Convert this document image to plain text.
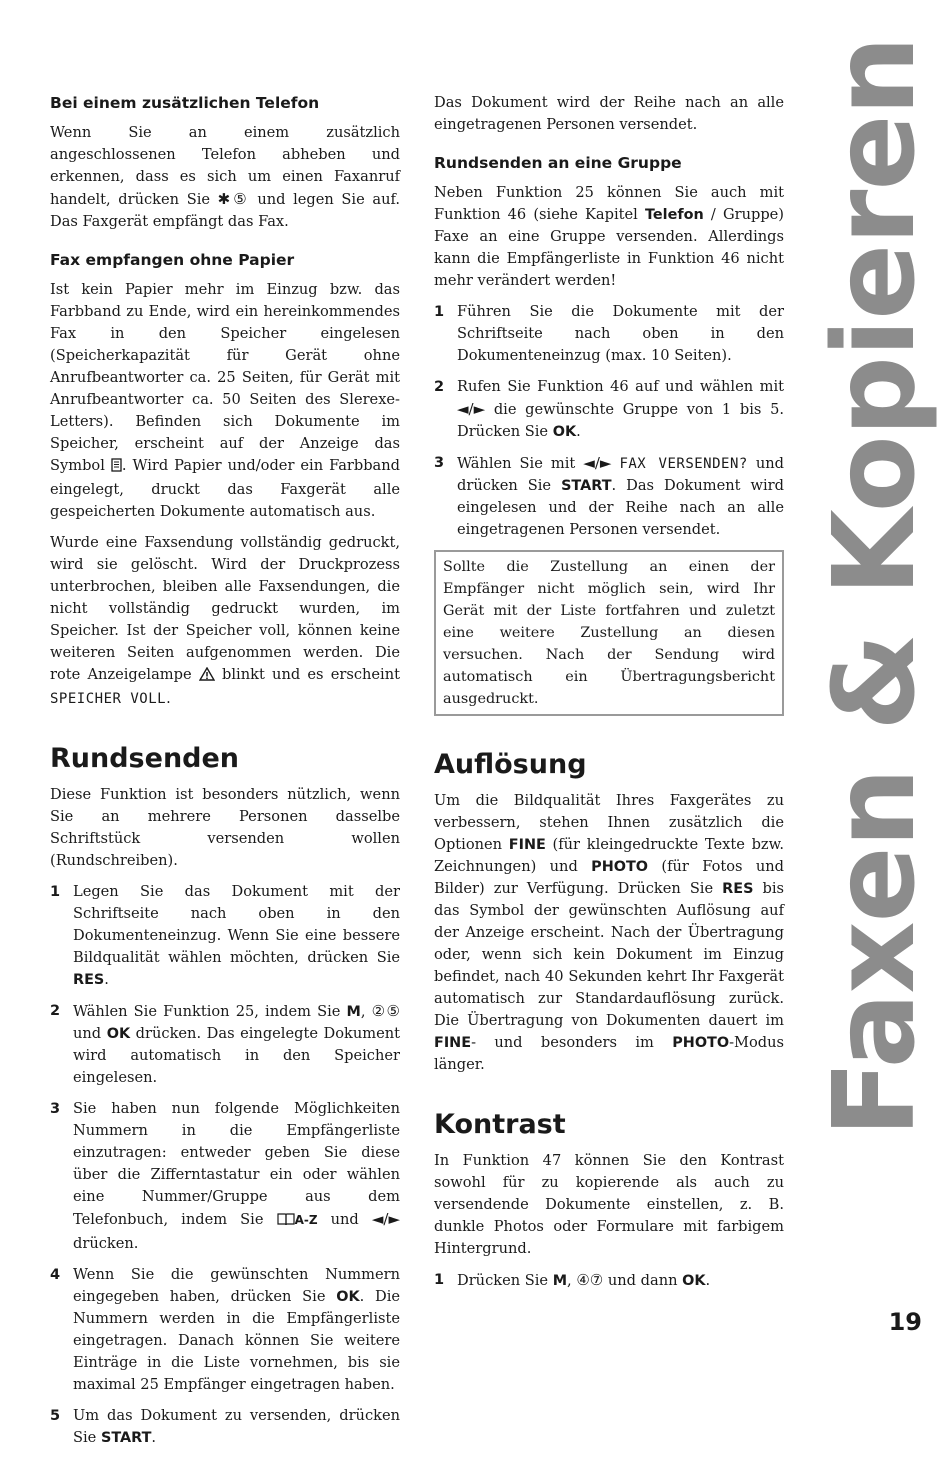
Bei einem zusätzlichen Telefon

Wenn Sie an einem zusätzlich angeschlossenen Telefon abheben und erkennen, dass es sich um einen Faxanruf handelt, drücken Sie ✱⑤ und legen Sie auf. Das Faxgerät empfängt das Fax.

Fax empfangen ohne Papier

Ist kein Papier mehr im Einzug bzw. das Farbband zu Ende, wird ein hereinkommendes Fax in den Speicher eingelesen (Speicherkapazität für Gerät ohne Anrufbeantworter ca. 25 Seiten, für Gerät mit Anrufbeantworter ca. 50 Seiten des Slerexe-Letters). Befinden sich Dokumente im Speicher, erscheint auf der Anzeige das Symbol . Wird Papier und/oder ein Farbband eingelegt, druckt das Faxgerät alle gespeicherten Dokumente automatisch aus.

Wurde eine Faxsendung vollständig gedruckt, wird sie gelöscht. Wird der Druckprozess unterbrochen, bleiben alle Faxsendungen, die nicht vollständig gedruckt wurden, im Speicher. Ist der Speicher voll, können keine weiteren Seiten aufgenommen werden. Die rote Anzeigelampe  blinkt und es erscheint SPEICHER VOLL.

Rundsenden

Diese Funktion ist besonders nützlich, wenn Sie an mehrere Personen dasselbe Schriftstück versenden wollen (Rundschreiben).

1 Legen Sie das Dokument mit der Schriftseite nach oben in den Dokumenteneinzug. Wenn Sie eine bessere Bildqualität wählen möchten, drücken Sie RES.
2 Wählen Sie Funktion 25, indem Sie M, ②⑤ und OK drücken. Das eingelegte Dokument wird automatisch in den Speicher eingelesen.
3 Sie haben nun folgende Möglichkeiten Nummern in die Empfängerliste einzutragen: entweder geben Sie diese über die Zifferntastatur ein oder wählen eine Nummer/Gruppe aus dem Telefonbuch, indem Sie A-Z und ◄/► drücken.
4 Wenn Sie die gewünschten Nummern eingegeben haben, drücken Sie OK. Die Nummern werden in die Empfängerliste eingetragen. Danach können Sie weitere Einträge in die Liste vornehmen, bis sie maximal 25 Empfänger eingetragen haben.
5 Um das Dokument zu versenden, drücken Sie START.

Das Dokument wird der Reihe nach an alle eingetragenen Personen versendet.

Rundsenden an eine Gruppe

Neben Funktion 25 können Sie auch mit Funktion 46 (siehe Kapitel Telefon / Gruppe) Faxe an eine Gruppe versenden. Allerdings kann die Empfängerliste in Funktion 46 nicht mehr verändert werden!

1 Führen Sie die Dokumente mit der Schriftseite nach oben in den Dokumenteneinzug (max. 10 Seiten).
2 Rufen Sie Funktion 46 auf und wählen mit ◄/► die gewünschte Gruppe von 1 bis 5. Drücken Sie OK.
3 Wählen Sie mit ◄/► FAX VERSENDEN? und drücken Sie START. Das Dokument wird eingelesen und der Reihe nach an alle eingetragenen Personen versendet.

Sollte die Zustellung an einen der Empfänger nicht möglich sein, wird Ihr Gerät mit der Liste fortfahren und zuletzt eine weitere Zustellung an diesen versuchen. Nach der Sendung wird automatisch ein Übertragungsbericht ausgedruckt.

Auflösung

Um die Bildqualität Ihres Faxgerätes zu verbessern, stehen Ihnen zusätzlich die Optionen FINE (für kleingedruckte Texte bzw. Zeichnungen) und PHOTO (für Fotos und Bilder) zur Verfügung. Drücken Sie RES bis das Symbol der gewünschten Auflösung auf der Anzeige erscheint. Nach der Übertragung oder, wenn sich kein Dokument im Einzug befindet, nach 40 Sekunden kehrt Ihr Faxgerät automatisch zur Standardauflösung zurück. Die Übertragung von Dokumenten dauert im FINE- und besonders im PHOTO-Modus länger.

Kontrast

In Funktion 47 können Sie den Kontrast sowohl für zu kopierende als auch zu versendende Dokumente einstellen, z. B. dunkle Photos oder Formulare mit farbigem Hintergrund.

1 Drücken Sie M, ④⑦ und dann OK.
Faxen & Kopieren
19
